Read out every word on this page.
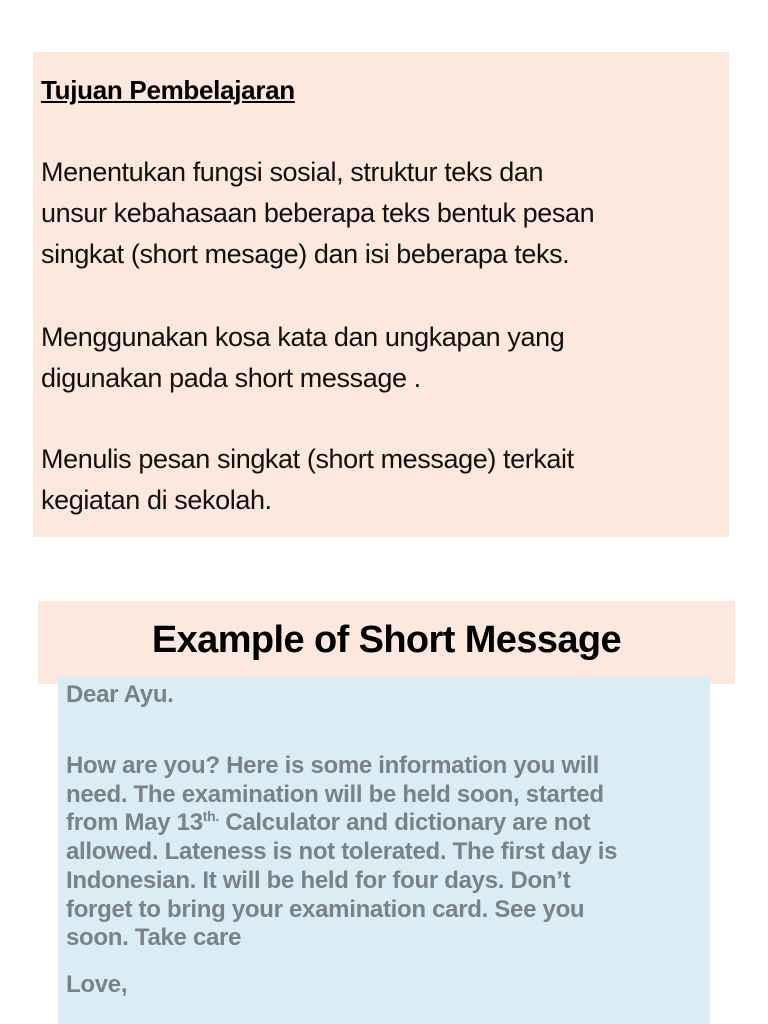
Tujuan Pembelajaran

Menentukan fungsi sosial, struktur teks dan
unsur kebahasaan beberapa teks bentuk pesan
singkat (short mesage) dan isi beberapa teks.

Menggunakan kosa kata dan ungkapan yang
digunakan pada short message .

Menulis pesan singkat (short message) terkait
kegiatan di sekolah.

Example of Short Message

Dear Ayu.

How are you? Here is some information you will

need. The examination will be held soon, started

from May $13^{th.}$ Calculator and dictionary are not

allowed. Lateness is not tolerated. The first day is

Indonesian. It will be held for four days. Don’t

forget to bring your examination card. See you

soon. Take care

Love,
